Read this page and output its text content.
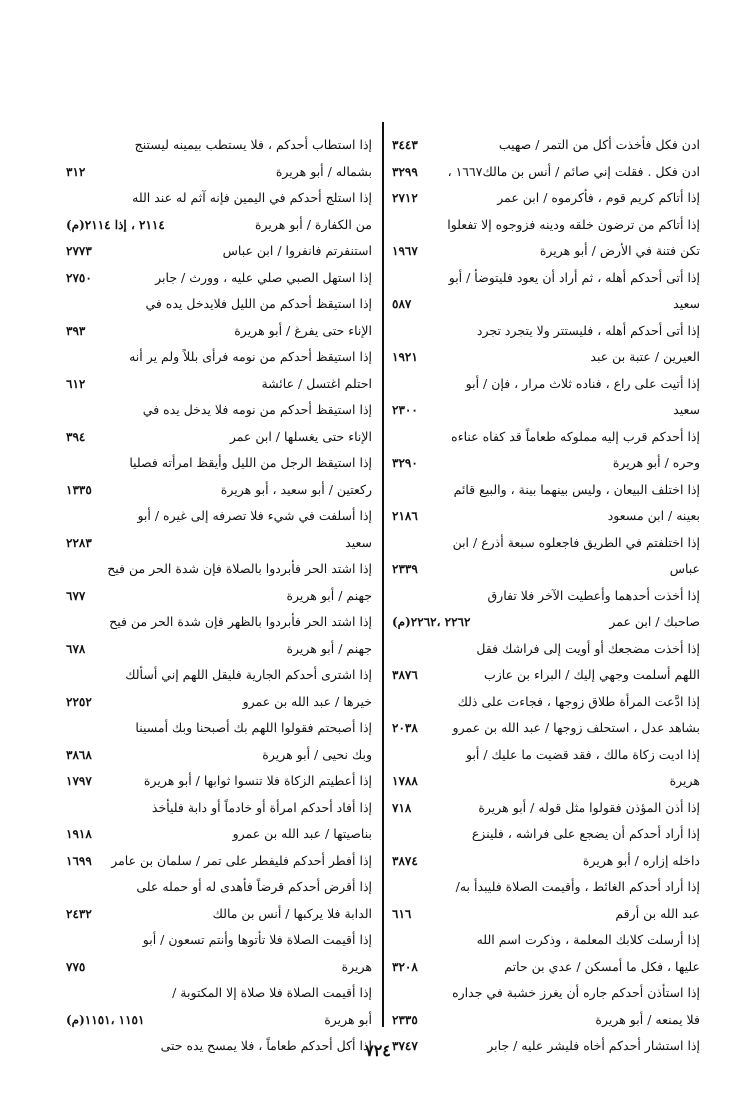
ادن فكل فأخذت أكل من التمر / صهيب
٣٤٤٣
ادن فكل . فقلت إني صائم / أنس بن مالك١٦٦٧ ،
٣٢٩٩
إذا أتاكم كريم قوم ، فأكرموه / ابن عمر
٢٧١٢
إذا أتاكم من ترضون خلقه ودينه فزوجوه إلا تفعلوا
تكن فتنة في الأرض / أبو هريرة
١٩٦٧
إذا أتى أحدكم أهله ، ثم أراد أن يعود فليتوضأ / أبو
سعيد
٥٨٧
إذا أتى أحدكم أهله ، فليستتر ولا يتجرد تجرد
العيرين / عتبة بن عبد
١٩٢١
إذا أتيت على راع ، فناده ثلاث مرار ، فإن / أبو
سعيد
٢٣٠٠
إذا أحدكم قرب إليه مملوكه طعاماً قد كفاه عناءه
وحره / أبو هريرة
٣٢٩٠
إذا اختلف البيعان ، وليس بينهما بينة ، والبيع قائم
بعينه / ابن مسعود
٢١٨٦
إذا اختلفتم في الطريق فاجعلوه سبعة أذرع / ابن
عباس
٢٣٣٩
إذا أخذت أحدهما وأعطيت الآخر فلا تفارق
صاحبك / ابن عمر
٢٢٦٢ ،٢٢٦٢(م)
إذا أخذت مضجعك أو أويت إلى فراشك فقل
اللهم أسلمت وجهي إليك / البراء بن عازب
٣٨٧٦
إذا ادَّعت المرأة طلاق زوجها ، فجاءت على ذلك
بشاهد عدل ، استحلف زوجها / عبد الله بن عمرو
٢٠٣٨
إذا اديت زكاة مالك ، فقد قضيت ما عليك / أبو
هريرة
١٧٨٨
إذا أذن المؤذن فقولوا مثل قوله / أبو هريرة
٧١٨
إذا أراد أحدكم أن يضجع على فراشه ، فلينزع
داخله إزاره / أبو هريرة
٣٨٧٤
إذا أراد أحدكم الغائط ، وأقيمت الصلاة فليبدأ به/
عبد الله بن أرقم
٦١٦
إذا أرسلت كلابك المعلمة ، وذكرت اسم الله
عليها ، فكل ما أمسكن / عدي بن حاتم
٣٢٠٨
إذا استأذن أحدكم جاره أن يغرز خشبة في جداره
فلا يمنعه / أبو هريرة
٢٣٣٥
إذا استشار أحدكم أخاه فليشر عليه / جابر
٣٧٤٧
إذا استطاب أحدكم ، فلا يستطب بيمينه ليستنج
بشماله / أبو هريرة
٣١٢
إذا استلج أحدكم في اليمين فإنه آثم له عند الله
من الكفارة / أبو هريرة
٢١١٤ ، إذا ٢١١٤(م)
استنفرتم فانفروا / ابن عباس
٢٧٧٣
إذا استهل الصبي صلي عليه ، وورث / جابر
٢٧٥٠
إذا استيقظ أحدكم من الليل فلايدخل يده في
الإناء حتى يفرغ / أبو هريرة
٣٩٣
إذا استيقظ أحدكم من نومه فرأى بللاً ولم ير أنه
احتلم اغتسل / عائشة
٦١٢
إذا استيقظ أحدكم من نومه فلا يدخل يده في
الإناء حتى يغسلها / ابن عمر
٣٩٤
إذا استيقظ الرجل من الليل وأيقظ امرأته فصليا
ركعتين / أبو سعيد ، أبو هريرة
١٣٣٥
إذا أسلفت في شيء فلا تصرفه إلى غيره / أبو
سعيد
٢٢٨٣
إذا اشتد الحر فأبردوا بالصلاة فإن شدة الحر من فيح
جهنم / أبو هريرة
٦٧٧
إذا اشتد الحر فأبردوا بالظهر فإن شدة الحر من فيح
جهنم / أبو هريرة
٦٧٨
إذا اشترى أحدكم الجارية فليقل اللهم إني أسألك
خيرها / عبد الله بن عمرو
٢٢٥٢
إذا أصبحتم فقولوا اللهم بك أصبحنا وبك أمسينا
وبك نحيى / أبو هريرة
٣٨٦٨
إذا أعطيتم الزكاة فلا تنسوا ثوابها / أبو هريرة
١٧٩٧
إذا أفاد أحدكم امرأة أو خادماً أو دابة فليأخذ
بناصيتها / عبد الله بن عمرو
١٩١٨
إذا أفطر أحدكم فليفطر على تمر / سلمان بن عامر
١٦٩٩
إذا أقرض أحدكم قرضاً فأهدى له أو حمله على
الدابة فلا يركبها / أنس بن مالك
٢٤٣٢
إذا أقيمت الصلاة فلا تأتوها وأنتم تسعون / أبو
هريرة
٧٧٥
إذا أقيمت الصلاة فلا صلاة إلا المكتوبة /
أبو هريرة
١١٥١ ،١١٥١(م)
إذا أكل أحدكم طعاماً ، فلا يمسح يده حتى
٧٢٤
